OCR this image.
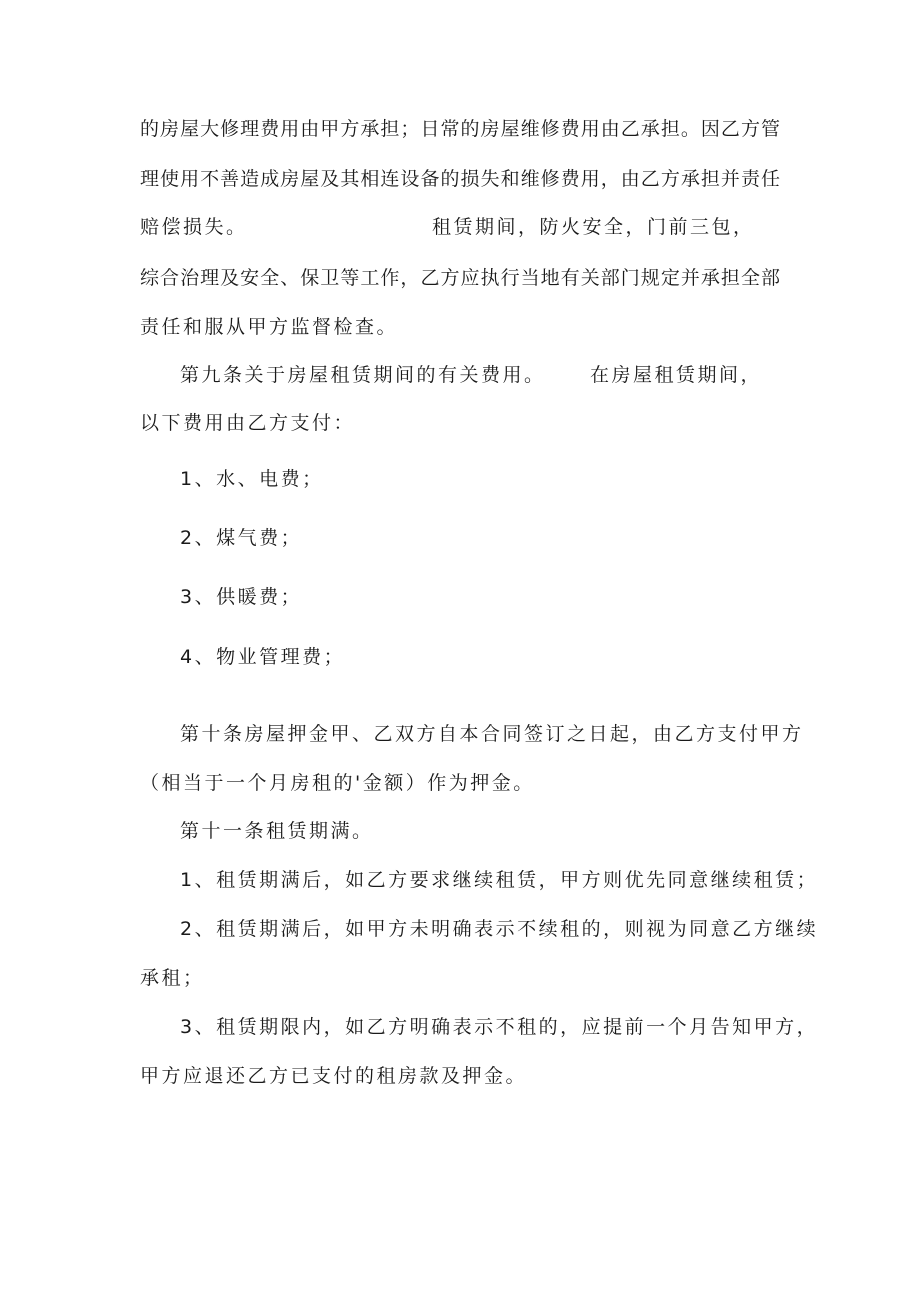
的房屋大修理费用由甲方承担；日常的房屋维修费用由乙承担。因乙方管
理使用不善造成房屋及其相连设备的损失和维修费用，由乙方承担并责任
赔偿损失。	租赁期间，防火安全，门前三包，
综合治理及安全、保卫等工作，乙方应执行当地有关部门规定并承担全部
责任和服从甲方监督检查。
第九条关于房屋租赁期间的有关费用。 在房屋租赁期间，
以下费用由乙方支付：
1、水、电费；
2、煤气费；
3、供暖费；
4、物业管理费；
第十条房屋押金甲、乙双方自本合同签订之日起，由乙方支付甲方
（相当于一个月房租的'金额）作为押金。
第十一条租赁期满。
1、租赁期满后，如乙方要求继续租赁，甲方则优先同意继续租赁；
2、租赁期满后，如甲方未明确表示不续租的，则视为同意乙方继续
承租；
3、租赁期限内，如乙方明确表示不租的，应提前一个月告知甲方，
甲方应退还乙方已支付的租房款及押金。
